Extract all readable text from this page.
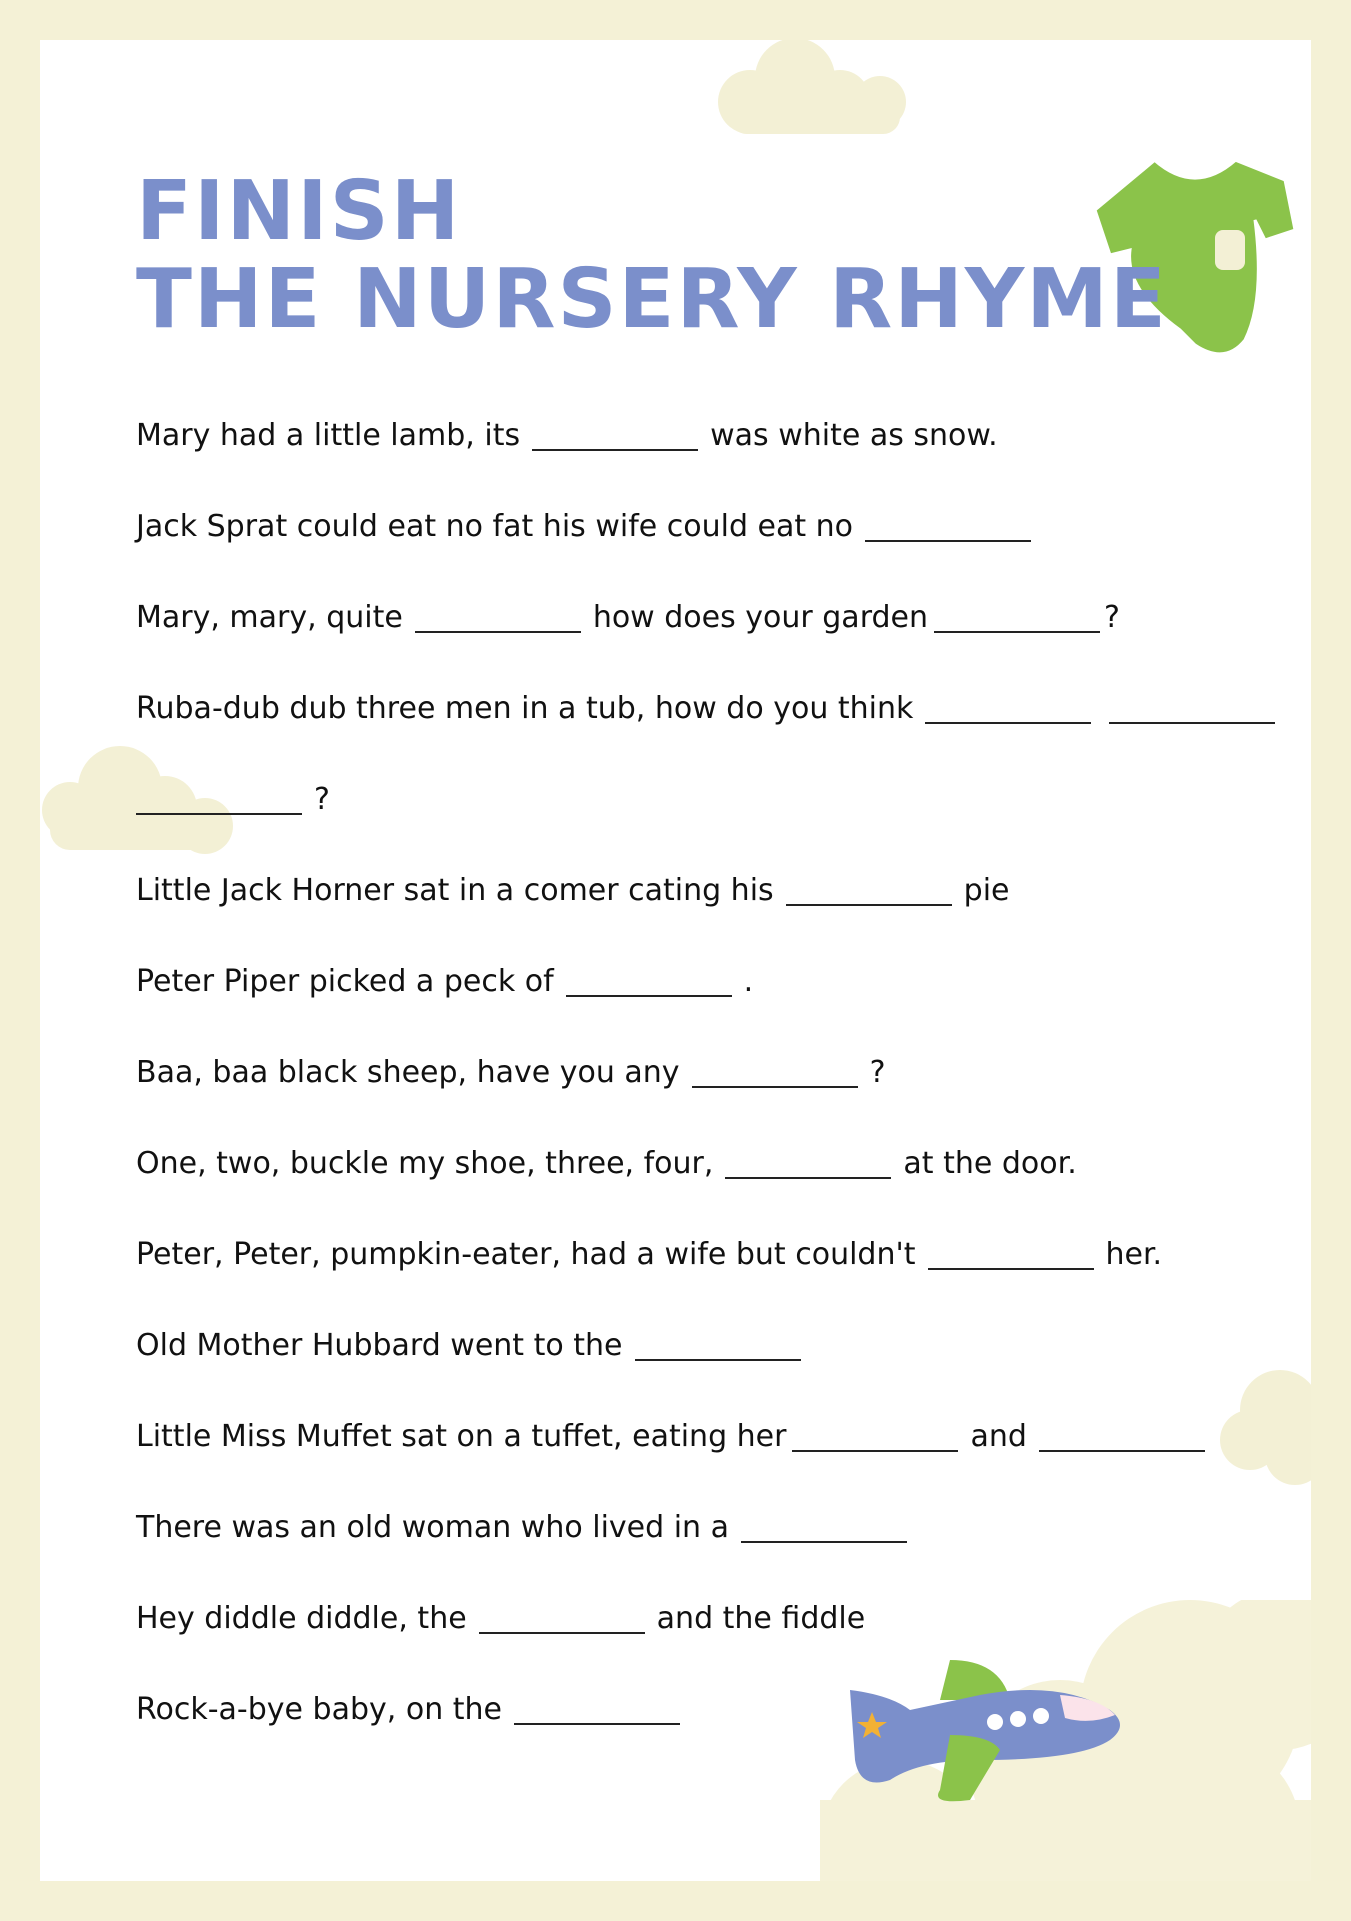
FINISH
THE NURSERY RHYME
Mary had a little lamb, its	was white as snow.
Jack Sprat could eat no fat his wife could eat no
Mary, mary, quite	how does your garden	?
Ruba-dub dub three men in a tub, how do you think
?
Little Jack Horner sat in a comer cating his	pie
Peter Piper picked a peck of	.
Baa, baa black sheep, have you any	?
One, two, buckle my shoe, three, four,	at the door.
Peter, Peter, pumpkin-eater, had a wife but couldn't	her.
Old Mother Hubbard went to the
Little Miss Muffet sat on a tuffet, eating her	and
There was an old woman who lived in a
Hey diddle diddle, the	and the fiddle
Rock-a-bye baby, on the
